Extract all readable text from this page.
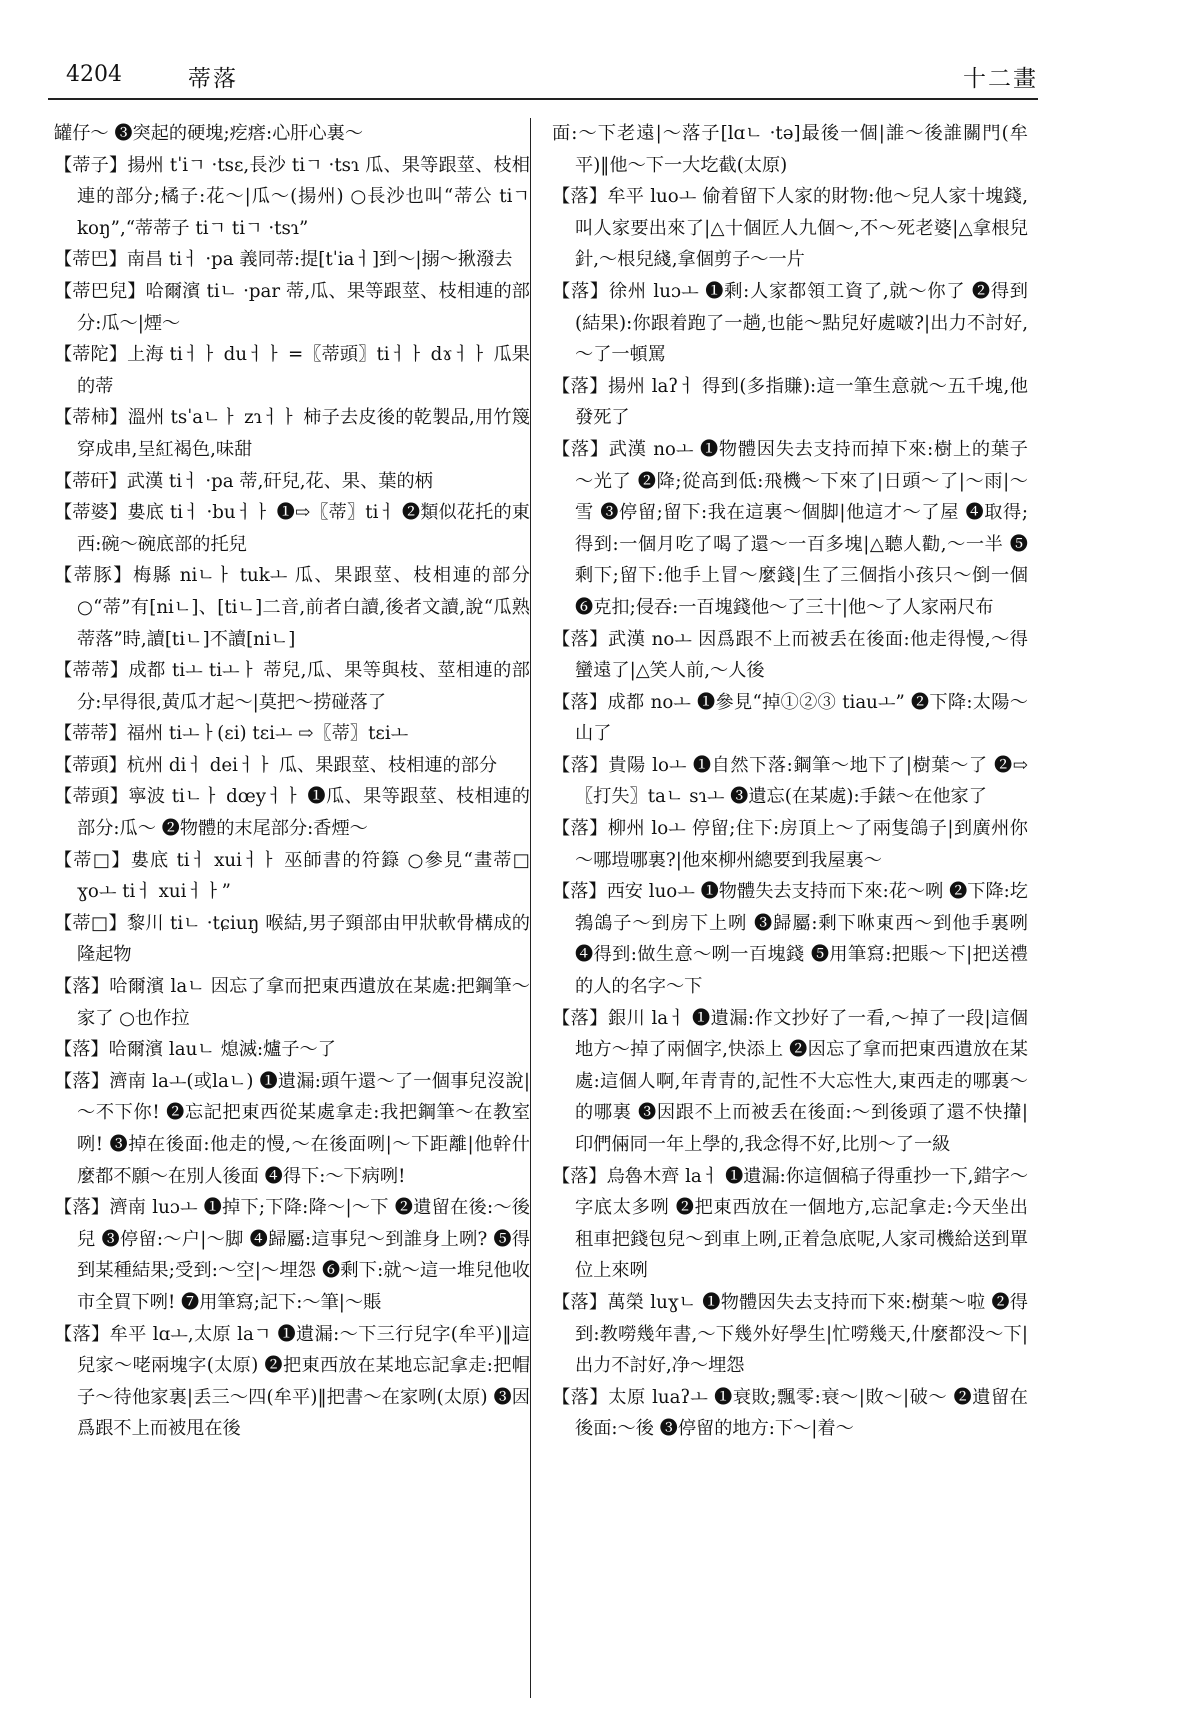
4204	蒂落	十二畫

罐仔～ ❸突起的硬塊;疙瘩:心肝心裏～

【蒂子】揚州 tˈiㄱ ·tsɛ,長沙 tiㄱ ·tsɿ 瓜、果等跟莖、枝相連的部分;橘子:花～|瓜～(揚州) ○長沙也叫“蒂公 tiㄱ koŋ”,“蒂蒂子 tiㄱ tiㄱ ·tsɿ”

【蒂巴】南昌 tiㅓ ·pa 義同蒂:提[tˈiaㅓ]到～|搦～揪潑去

【蒂巴兒】哈爾濱 tiㄴ ·par 蒂,瓜、果等跟莖、枝相連的部分:瓜～|煙～

【蒂陀】上海 tiㅓㅏ duㅓㅏ =〖蒂頭〗tiㅓㅏ dɤㅓㅏ 瓜果的蒂

【蒂柿】溫州 tsˈaㄴㅏ zɿㅓㅏ 柿子去皮後的乾製品,用竹篾穿成串,呈紅褐色,味甜

【蒂矸】武漢 tiㅓ ·pa 蒂,矸兒,花、果、葉的柄

【蒂婆】婁底 tiㅓ ·buㅓㅏ ❶⇨〖蒂〗tiㅓ ❷類似花托的東西:碗～碗底部的托兒

【蒂豚】梅縣 niㄴㅏ tukㅗ 瓜、果跟莖、枝相連的部分 ○“蒂”有[niㄴ]、[tiㄴ]二音,前者白讀,後者文讀,說“瓜熟蒂落”時,讀[tiㄴ]不讀[niㄴ]

【蒂蒂】成都 tiㅗ tiㅗㅏ 蒂兒,瓜、果等與枝、莖相連的部分:早得很,黃瓜才起～|莫把～捞碰落了

【蒂蒂】福州 tiㅗㅏ(ɛi) tɛiㅗ ⇨〖蒂〗tɛiㅗ

【蒂頭】杭州 diㅓ deiㅓㅏ 瓜、果跟莖、枝相連的部分

【蒂頭】寧波 tiㄴㅏ dœyㅓㅏ ❶瓜、果等跟莖、枝相連的部分:瓜～ ❷物體的末尾部分:香煙～

【蒂□】婁底 tiㅓ xuiㅓㅏ 巫師書的符籙 ○參見“畫蒂□ ɣoㅗ tiㅓ xuiㅓㅏ”

【蒂□】黎川 tiㄴ ·tɕiuŋ 喉結,男子頸部由甲狀軟骨構成的隆起物

【落】哈爾濱 laㄴ 因忘了拿而把東西遺放在某處:把鋼筆～家了 ○也作拉

【落】哈爾濱 lauㄴ 熄滅:爐子～了

【落】濟南 laㅗ(或laㄴ) ❶遺漏:頭午還～了一個事兒沒說|～不下你! ❷忘記把東西從某處拿走:我把鋼筆～在教室咧! ❸掉在後面:他走的慢,～在後面咧|～下距離|他幹什麼都不願～在別人後面 ❹得下:～下病咧!

【落】濟南 luɔㅗ ❶掉下;下降:降～|～下 ❷遺留在後:～後兒 ❸停留:～户|～脚 ❹歸屬:這事兒～到誰身上咧? ❺得到某種結果;受到:～空|～埋怨 ❻剩下:就～這一堆兒他收市全買下咧! ❼用筆寫;記下:～筆|～賬

【落】牟平 lɑㅗ,太原 laㄱ ❶遺漏:～下三行兒字(牟平)‖這兒家～咾兩塊字(太原) ❷把東西放在某地忘記拿走:把帽子～待他家裏|丢三～四(牟平)‖把書～在家咧(太原) ❸因爲跟不上而被甩在後

面:～下老遠|～落子[lɑㄴ ·tə]最後一個|誰～後誰關門(牟平)‖他～下一大圪截(太原)

【落】牟平 luoㅗ 偷着留下人家的財物:他～兒人家十塊錢,叫人家要出來了|△十個匠人九個～,不～死老婆|△拿根兒針,～根兒綫,拿個剪子～一片

【落】徐州 luɔㅗ ❶剩:人家都領工資了,就～你了 ❷得到(結果):你跟着跑了一趟,也能～點兒好處啵?|出力不討好,～了一頓罵

【落】揚州 laʔㅓ 得到(多指賺):這一筆生意就～五千塊,他發死了

【落】武漢 noㅗ ❶物體因失去支持而掉下來:樹上的葉子～光了 ❷降;從高到低:飛機～下來了|日頭～了|～雨|～雪 ❸停留;留下:我在這裏～個脚|他這才～了屋 ❹取得;得到:一個月吃了喝了還～一百多塊|△聽人勸,～一半 ❺剩下;留下:他手上冒～麼錢|生了三個指小孩只～倒一個 ❻克扣;侵吞:一百塊錢他～了三十|他～了人家兩尺布

【落】武漢 noㅗ 因爲跟不上而被丢在後面:他走得慢,～得蠻遠了|△笑人前,～人後

【落】成都 noㅗ ❶參見“掉①②③ tiauㅗ” ❷下降:太陽～山了

【落】貴陽 loㅗ ❶自然下落:鋼筆～地下了|樹葉～了 ❷⇨〖打失〗taㄴ sɿㅗ ❸遺忘(在某處):手錶～在他家了

【落】柳州 loㅗ 停留;住下:房頂上～了兩隻鴿子|到廣州你～哪塏哪裏?|他來柳州總要到我屋裏～

【落】西安 luoㅗ ❶物體失去支持而下來:花～咧 ❷下降:圪鵓鴿子～到房下上咧 ❸歸屬:剩下咻東西～到他手裏咧 ❹得到:做生意～咧一百塊錢 ❺用筆寫:把賬～下|把送禮的人的名字～下

【落】銀川 laㅓ ❶遺漏:作文抄好了一看,～掉了一段|這個地方～掉了兩個字,快添上 ❷因忘了拿而把東西遺放在某處:這個人啊,年青青的,記性不大忘性大,東西走的哪裏～的哪裏 ❸因跟不上而被丢在後面:～到後頭了還不快攆|印們倆同一年上學的,我念得不好,比別～了一級

【落】烏魯木齊 laㅓ ❶遺漏:你這個稿子得重抄一下,錯字～字底太多咧 ❷把東西放在一個地方,忘記拿走:今天坐出租車把錢包兒～到車上咧,正着急底呢,人家司機給送到單位上來咧

【落】萬榮 luɣㄴ ❶物體因失去支持而下來:樹葉～啦 ❷得到:教嘮幾年書,～下幾外好學生|忙嘮幾天,什麼都没～下|出力不討好,净～埋怨

【落】太原 luaʔㅗ ❶衰敗;飄零:衰～|敗～|破～ ❷遺留在後面:～後 ❸停留的地方:下～|着～
